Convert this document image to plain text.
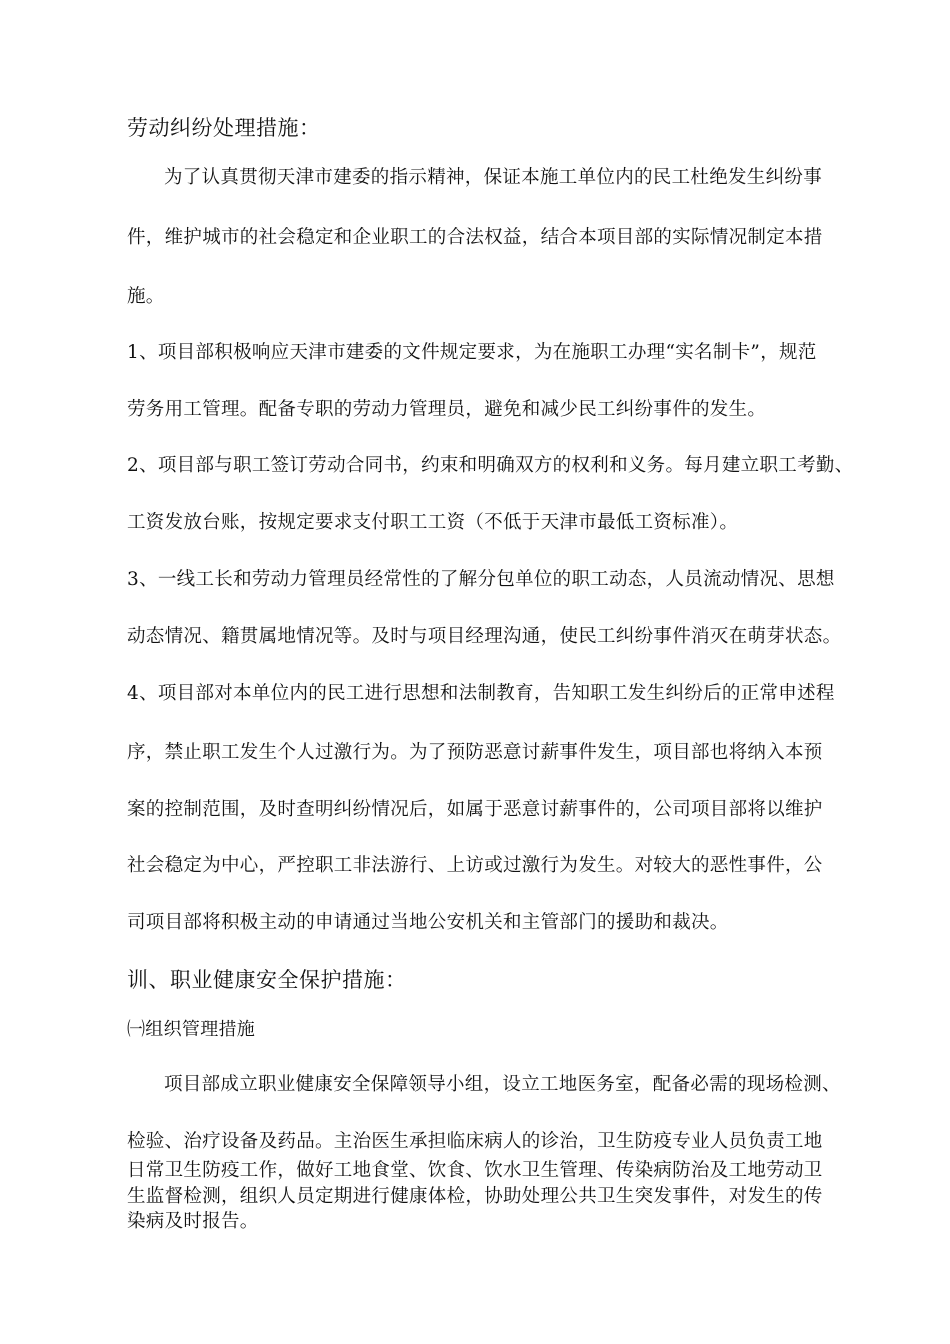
劳动纠纷处理措施：
为了认真贯彻天津市建委的指示精神，保证本施工单位内的民工杜绝发生纠纷事
件，维护城市的社会稳定和企业职工的合法权益，结合本项目部的实际情况制定本措
施。
1、项目部积极响应天津市建委的文件规定要求，为在施职工办理“实名制卡”，规范
劳务用工管理。配备专职的劳动力管理员，避免和减少民工纠纷事件的发生。
2、项目部与职工签订劳动合同书，约束和明确双方的权利和义务。每月建立职工考勤、
工资发放台账，按规定要求支付职工工资（不低于天津市最低工资标准）。
3、一线工长和劳动力管理员经常性的了解分包单位的职工动态，人员流动情况、思想
动态情况、籍贯属地情况等。及时与项目经理沟通，使民工纠纷事件消灭在萌芽状态。
4、项目部对本单位内的民工进行思想和法制教育，告知职工发生纠纷后的正常申述程
序，禁止职工发生个人过激行为。为了预防恶意讨薪事件发生，项目部也将纳入本预
案的控制范围，及时查明纠纷情况后，如属于恶意讨薪事件的，公司项目部将以维护
社会稳定为中心，严控职工非法游行、上访或过激行为发生。对较大的恶性事件，公
司项目部将积极主动的申请通过当地公安机关和主管部门的援助和裁决。
训、职业健康安全保护措施：
㈠组织管理措施
项目部成立职业健康安全保障领导小组，设立工地医务室，配备必需的现场检测、
检验、治疗设备及药品。主治医生承担临床病人的诊治，卫生防疫专业人员负责工地
日常卫生防疫工作，做好工地食堂、饮食、饮水卫生管理、传染病防治及工地劳动卫
生监督检测，组织人员定期进行健康体检，协助处理公共卫生突发事件，对发生的传
染病及时报告。
